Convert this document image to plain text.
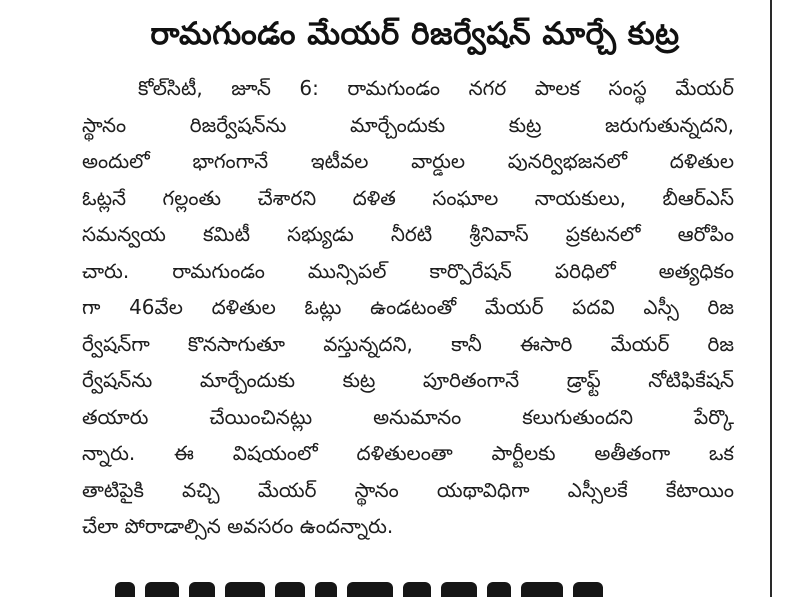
రామగుండం మేయర్ రిజర్వేషన్ మార్చే కుట్ర
కోల్‌సిటీ, జూన్ 6: రామగుండం నగర పాలక సంస్థ మేయర్
స్థానం రిజర్వేషన్‌ను మార్చేందుకు కుట్ర జరుగుతున్నదని,
అందులో భాగంగానే ఇటీవల వార్డుల పునర్విభజనలో దళితుల
ఓట్లనే గల్లంతు చేశారని దళిత సంఘాల నాయకులు, బీఆర్ఎస్
సమన్వయ కమిటీ సభ్యుడు నీరటి శ్రీనివాస్ ప్రకటనలో ఆరోపిం
చారు. రామగుండం మున్సిపల్ కార్పొరేషన్ పరిధిలో అత్యధికం
గా 46వేల దళితుల ఓట్లు ఉండటంతో మేయర్ పదవి ఎస్సీ రిజ
ర్వేషన్‌గా కొనసాగుతూ వస్తున్నదని, కానీ ఈసారి మేయర్ రిజ
ర్వేషన్‌ను మార్చేందుకు కుట్ర పూరితంగానే డ్రాఫ్ట్ నోటిఫికేషన్
తయారు చేయించినట్లు అనుమానం కలుగుతుందని పేర్కొ
న్నారు. ఈ విషయంలో దళితులంతా పార్టీలకు అతీతంగా ఒక
తాటిపైకి వచ్చి మేయర్ స్థానం యథావిధిగా ఎస్సీలకే కేటాయిం
చేలా పోరాడాల్సిన అవసరం ఉందన్నారు.
